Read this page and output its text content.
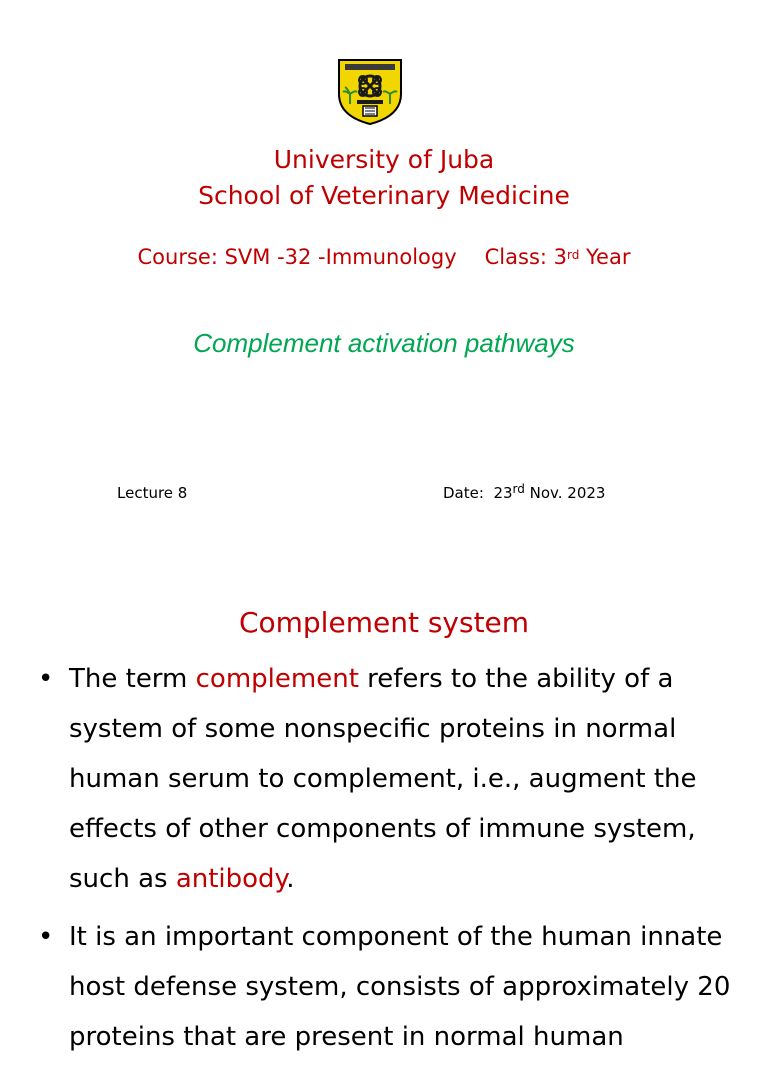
University of Juba
School of Veterinary Medicine
Course: SVM -32 -Immunology Class: 3rd Year
Complement activation pathways
Lecture 8	Date:  23rd Nov. 2023
Complement system
• The term complement refers to the ability of a system of some nonspecific proteins in normal human serum to complement, i.e., augment the effects of other components of immune system, such as antibody.
• It is an important component of the human innate host defense system, consists of approximately 20 proteins that are present in normal human
